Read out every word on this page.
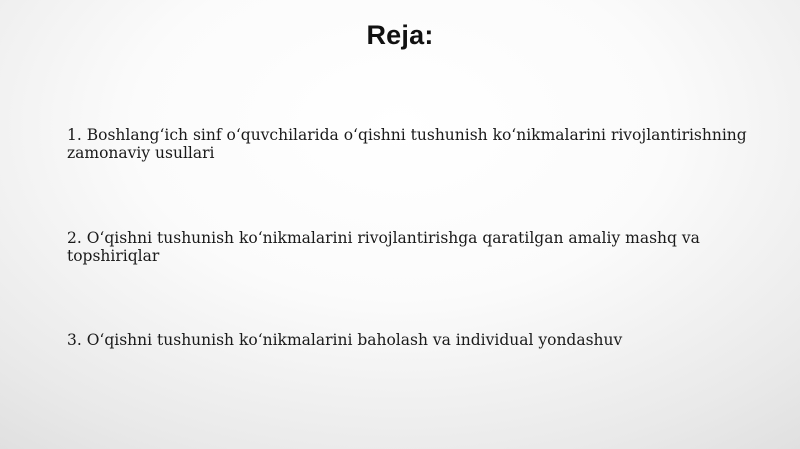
Reja:
1. Boshlang‘ich sinf o‘quvchilarida o‘qishni tushunish ko‘nikmalarini rivojlantirishning zamonaviy usullari
2. O‘qishni tushunish ko‘nikmalarini rivojlantirishga qaratilgan amaliy mashq va topshiriqlar
3. O‘qishni tushunish ko‘nikmalarini baholash va individual yondashuv
